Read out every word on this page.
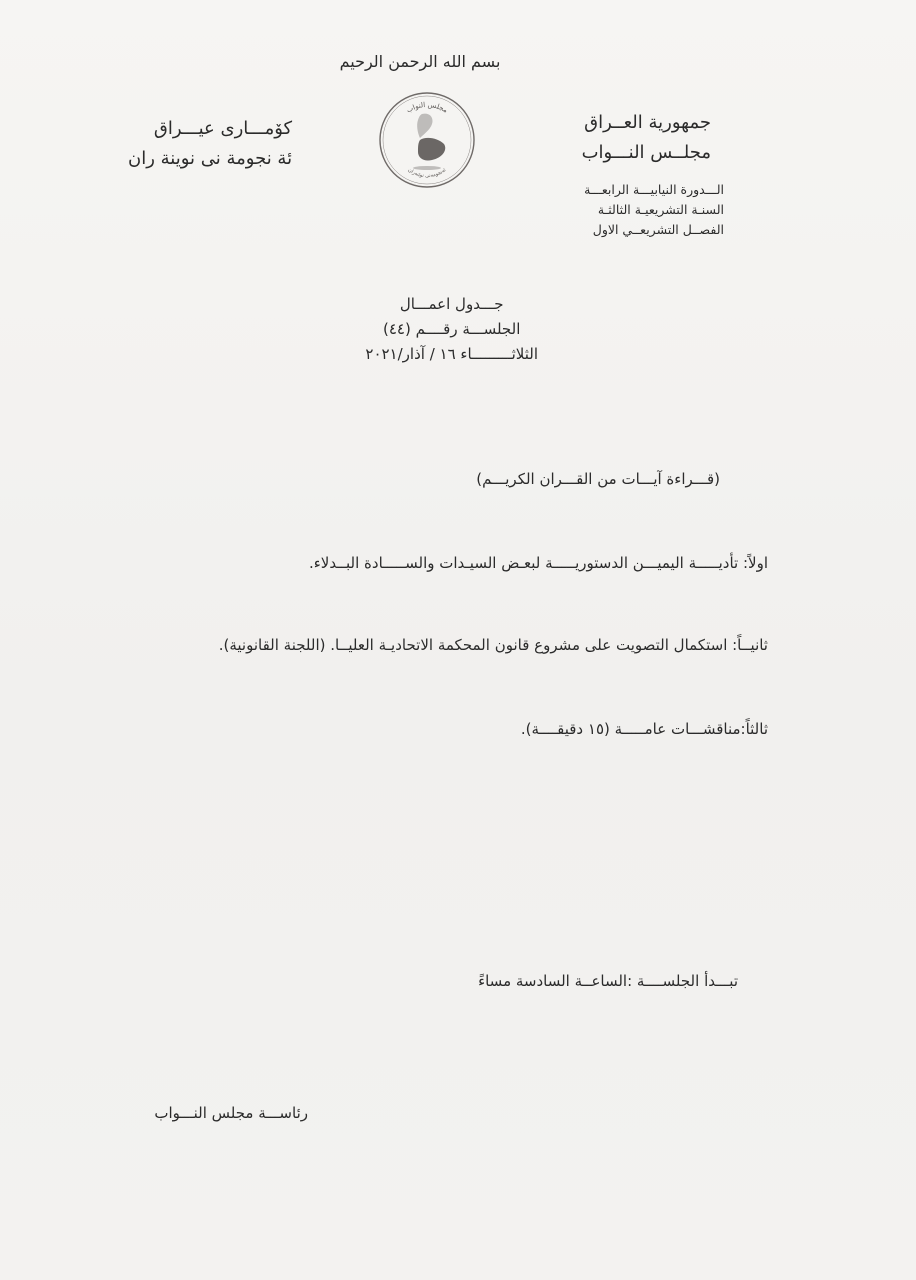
بسم الله الرحمن الرحيم
جمهورية العــراق
مجلــس النـــواب
كۆمـــارى عيـــراق
ئة نجومة نى نوينة ران
مجلس النواب
ئەنجومەنی نوێنەران
الـــدورة النيابيـــة الرابعـــة
السنـة التشريعيـة الثالثـة
الفصــل التشريعــي الاول
جـــدول اعمـــال
الجلســـة رقــــم (٤٤)
الثلاثـــــــــاء ١٦ / آذار/٢٠٢١
(قـــراءة آيـــات من القـــران الكريـــم)
اولاً: تأديـــــة اليميـــن الدستوريـــــة لبعـض السيـدات والســـــادة البــدلاء.
ثانيــاً: استكمال التصويت على مشروع قانون المحكمة الاتحاديـة العليــا. (اللجنة القانونية).
ثالثاً:مناقشـــات عامـــــة (١٥ دقيقــــة).
تبـــدأ الجلســــة :الساعــة السادسة مساءً
رئاســـة مجلس النـــواب
